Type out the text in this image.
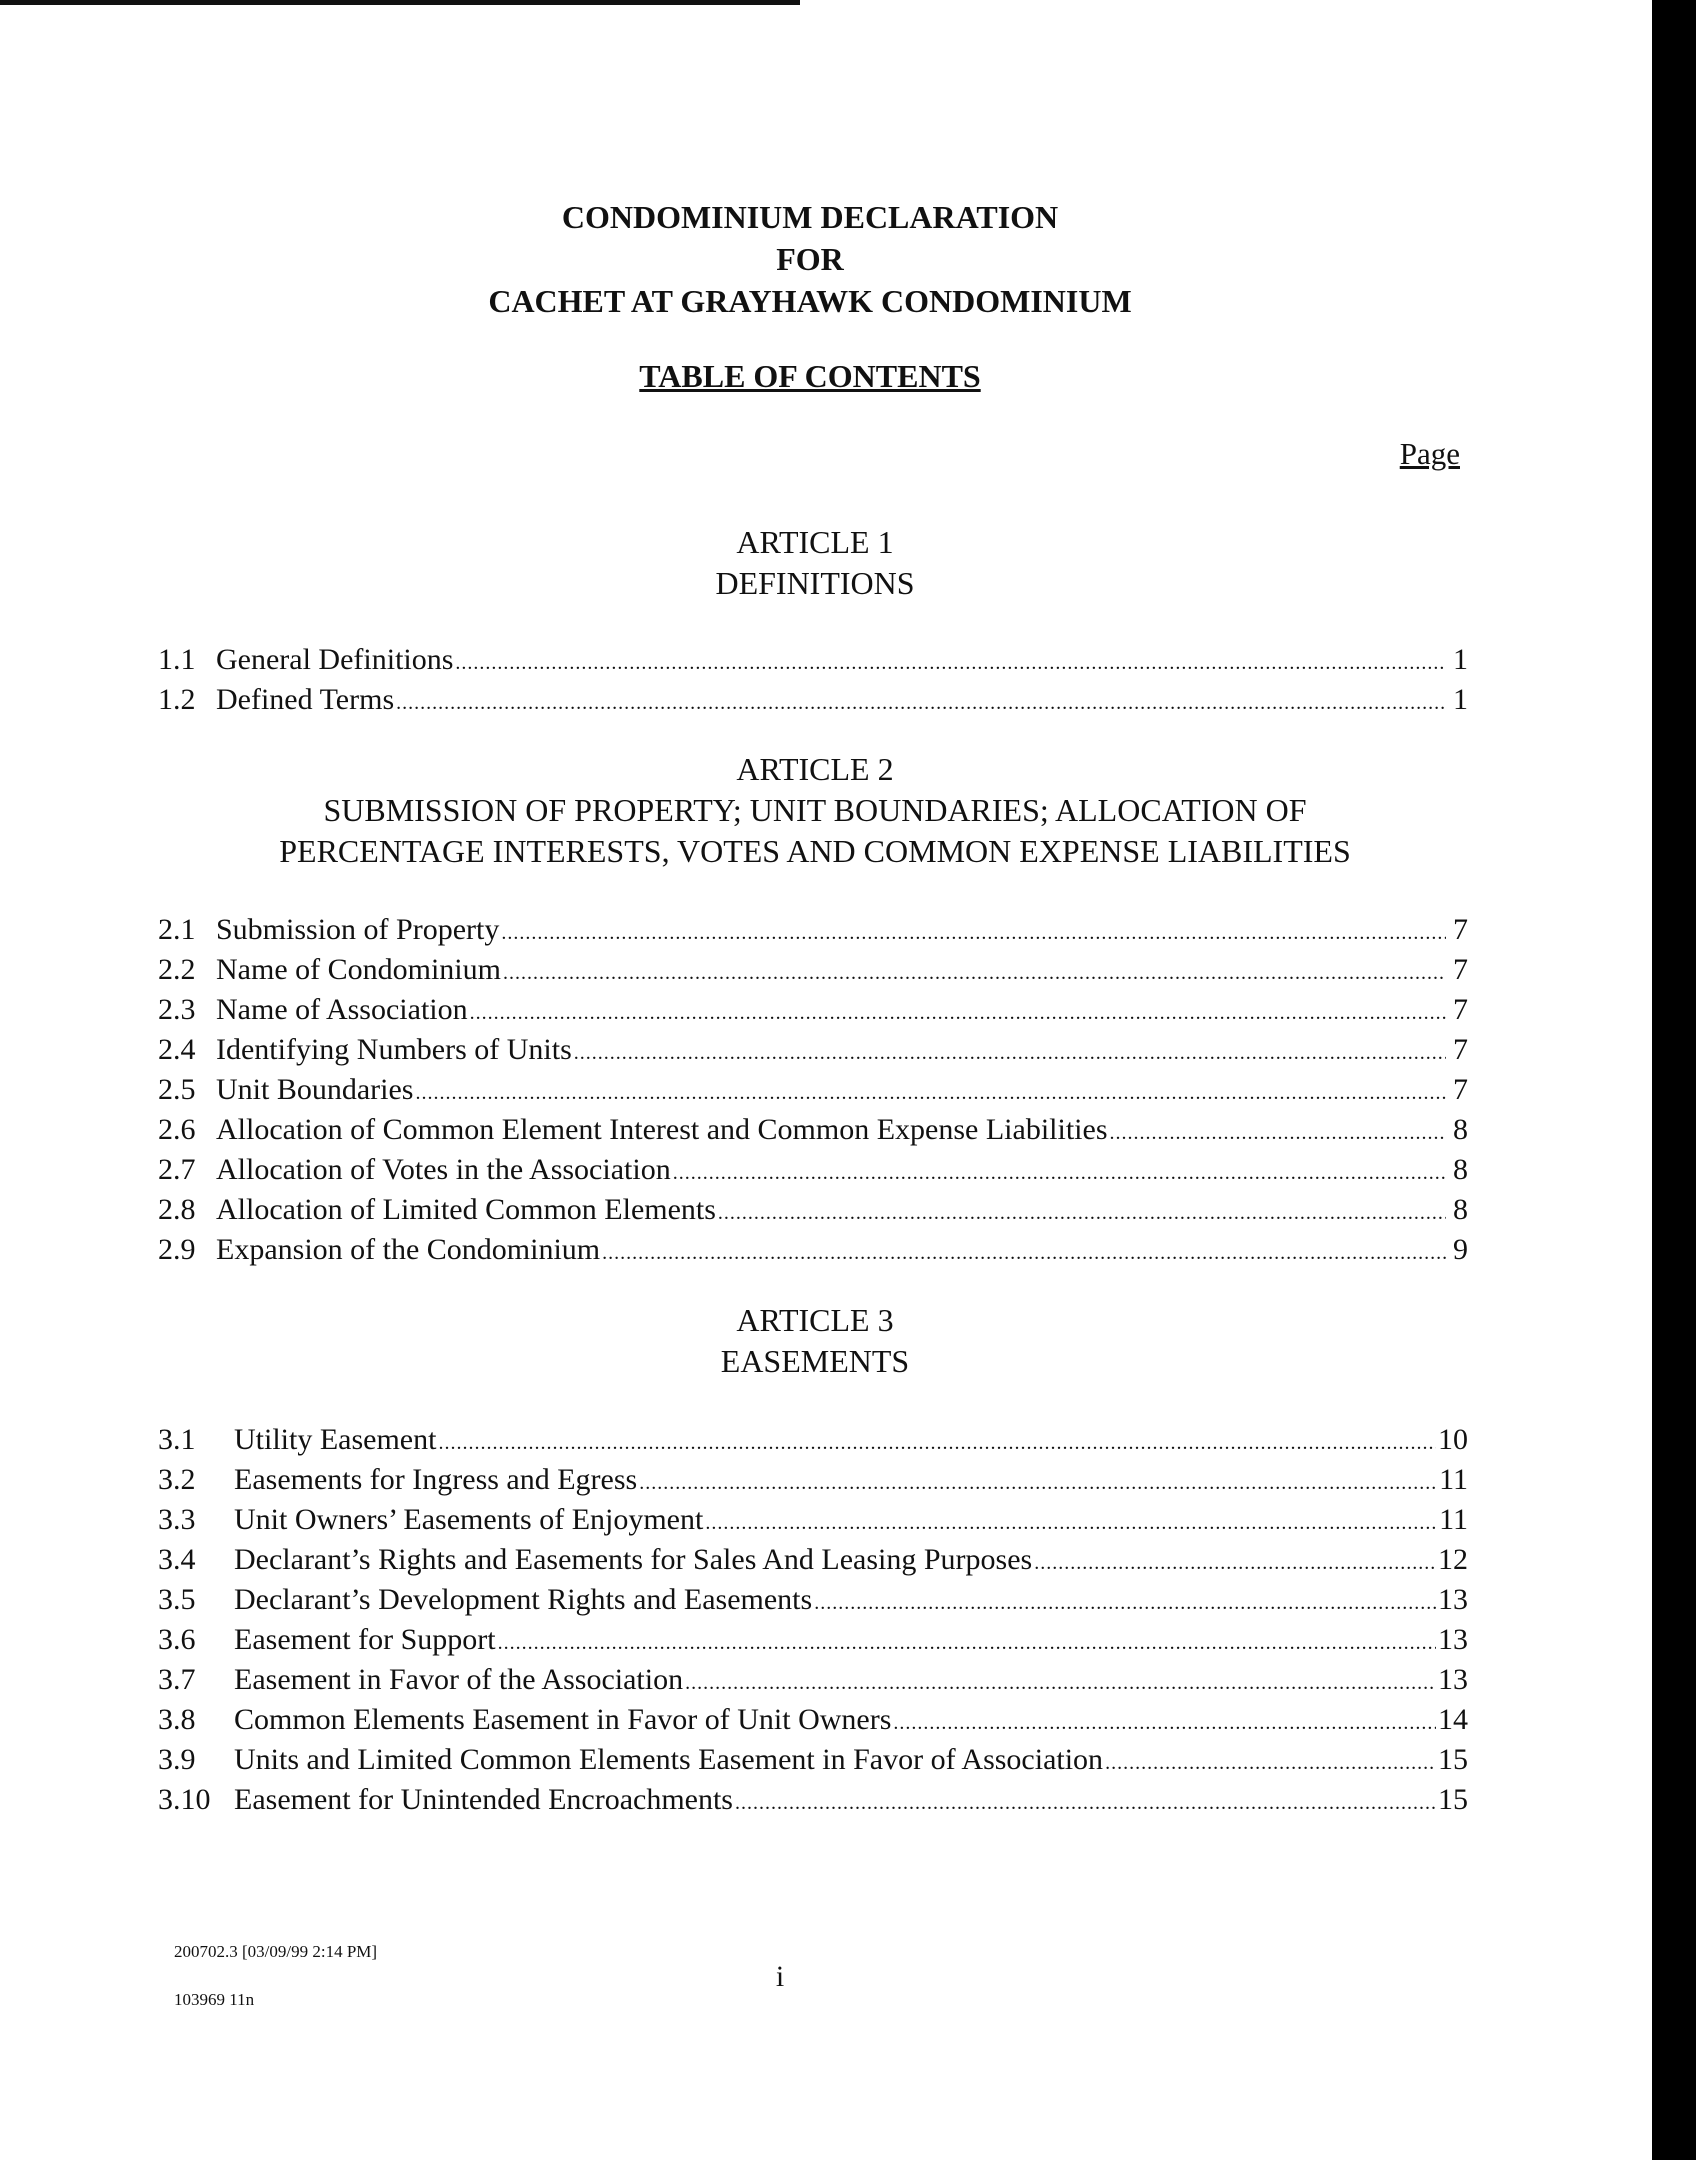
CONDOMINIUM DECLARATION
FOR
CACHET AT GRAYHAWK CONDOMINIUM
TABLE OF CONTENTS
Page
ARTICLE 1
DEFINITIONS
1.1 General Definitions .....	1
1.2 Defined Terms .....	1
ARTICLE 2
SUBMISSION OF PROPERTY; UNIT BOUNDARIES; ALLOCATION OF
PERCENTAGE INTERESTS, VOTES AND COMMON EXPENSE LIABILITIES
2.1 Submission of Property .....	7
2.2 Name of Condominium .....	7
2.3 Name of Association .....	7
2.4 Identifying Numbers of Units .....	7
2.5 Unit Boundaries .....	7
2.6 Allocation of Common Element Interest and Common Expense Liabilities .....	8
2.7 Allocation of Votes in the Association .....	8
2.8 Allocation of Limited Common Elements .....	8
2.9 Expansion of the Condominium .....	9
ARTICLE 3
EASEMENTS
3.1	Utility Easement .....	10
3.2	Easements for Ingress and Egress .....	11
3.3	Unit Owners’ Easements of Enjoyment .....	11
3.4	Declarant’s Rights and Easements for Sales And Leasing Purposes .....	12
3.5	Declarant’s Development Rights and Easements .....	13
3.6	Easement for Support .....	13
3.7	Easement in Favor of the Association .....	13
3.8	Common Elements Easement in Favor of Unit Owners .....	14
3.9	Units and Limited Common Elements Easement in Favor of Association .....	15
3.10 Easement for Unintended Encroachments .....	15
200702.3 [03/09/99 2:14 PM]
103969 11n
i
